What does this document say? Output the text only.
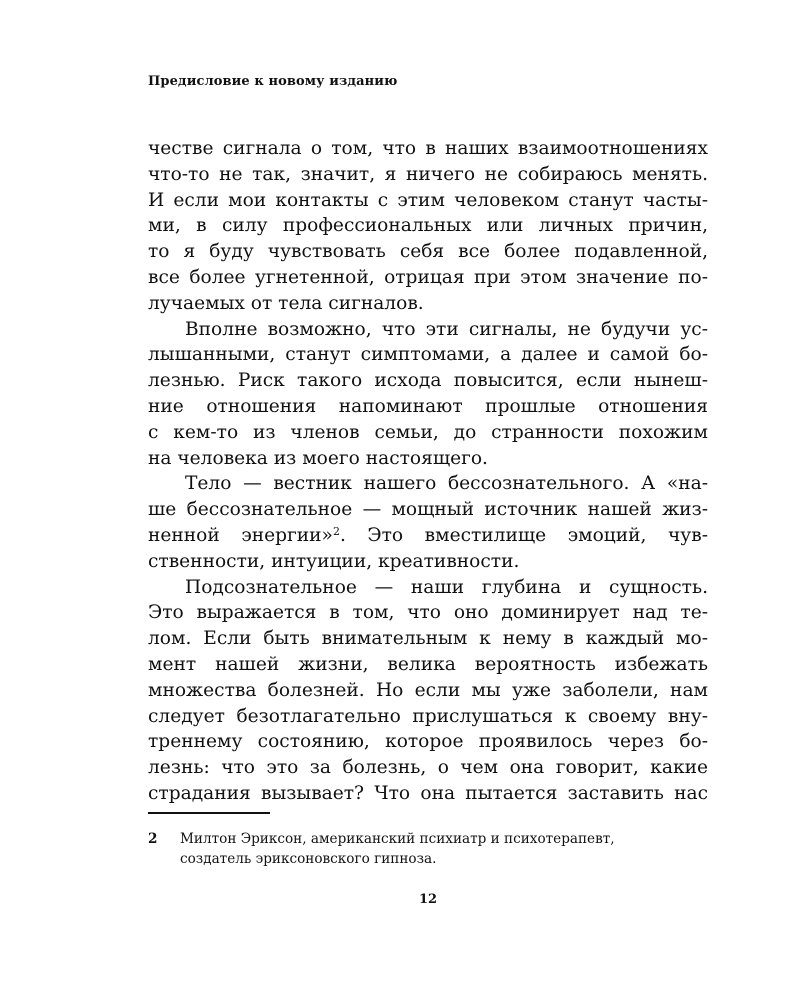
Предисловие к новому изданию
честве сигнала о том, что в наших взаимоотношениях
что-то не так, значит, я ничего не собираюсь менять.
И если мои контакты с этим человеком станут часты-
ми, в силу профессиональных или личных причин,
то я буду чувствовать себя все более подавленной,
все более угнетенной, отрицая при этом значение по-
лучаемых от тела сигналов.
Вполне возможно, что эти сигналы, не будучи ус-
лышанными, станут симптомами, а далее и самой бо-
лезнью. Риск такого исхода повысится, если нынеш-
ние отношения напоминают прошлые отношения
с кем-то из членов семьи, до странности похожим
на человека из моего настоящего.
Тело — вестник нашего бессознательного. А «на-
ше бессознательное — мощный источник нашей жиз-
ненной энергии»$^2$. Это вместилище эмоций, чув-
ственности, интуиции, креативности.
Подсознательное — наши глубина и сущность.
Это выражается в том, что оно доминирует над те-
лом. Если быть внимательным к нему в каждый мо-
мент нашей жизни, велика вероятность избежать
множества болезней. Но если мы уже заболели, нам
следует безотлагательно прислушаться к своему вну-
треннему состоянию, которое проявилось через бо-
лезнь: что это за болезнь, о чем она говорит, какие
страдания вызывает? Что она пытается заставить нас
2 Милтон Эриксон, американский психиатр и психотерапевт,
создатель эриксоновского гипноза.
12
